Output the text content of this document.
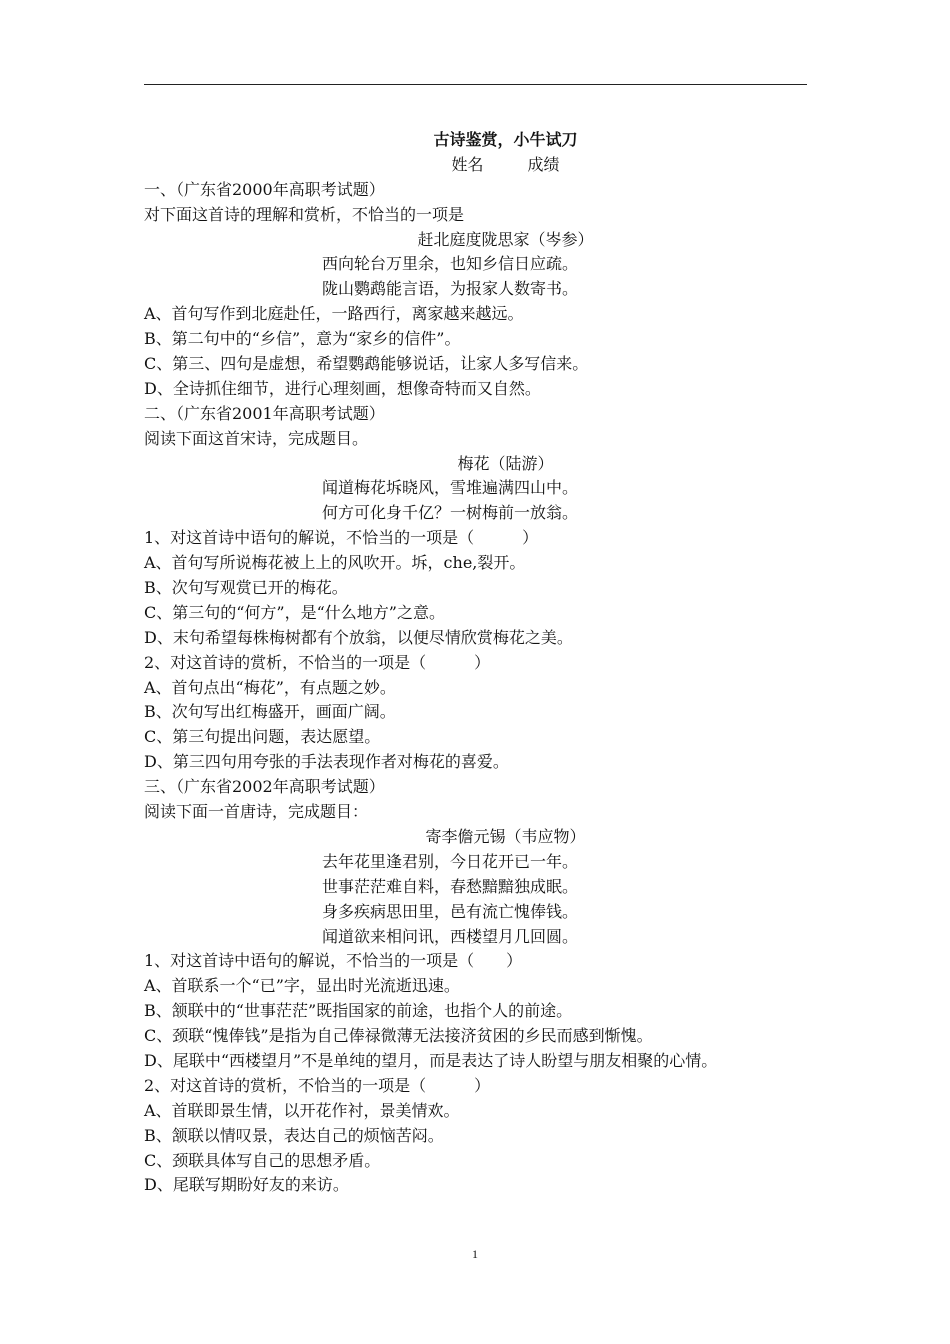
古诗鉴赏，小牛试刀
姓名	成绩
一、（广东省2000年高职考试题）
对下面这首诗的理解和赏析，不恰当的一项是
赶北庭度陇思家（岑参）
西向轮台万里余，也知乡信日应疏。
陇山鹦鹉能言语，为报家人数寄书。
A、首句写作到北庭赴任，一路西行，离家越来越远。
B、第二句中的“乡信”，意为“家乡的信件”。
C、第三、四句是虚想，希望鹦鹉能够说话，让家人多写信来。
D、全诗抓住细节，进行心理刻画，想像奇特而又自然。
二、（广东省2001年高职考试题）
阅读下面这首宋诗，完成题目。
梅花（陆游）
闻道梅花坼晓风，雪堆遍满四山中。
何方可化身千亿？一树梅前一放翁。
1、对这首诗中语句的解说，不恰当的一项是（　　　）
A、首句写所说梅花被上上的风吹开。坼，che,裂开。
B、次句写观赏已开的梅花。
C、第三句的“何方”，是“什么地方”之意。
D、末句希望每株梅树都有个放翁，以便尽情欣赏梅花之美。
2、对这首诗的赏析，不恰当的一项是（　　　）
A、首句点出“梅花”，有点题之妙。
B、次句写出红梅盛开，画面广阔。
C、第三句提出问题，表达愿望。
D、第三四句用夸张的手法表现作者对梅花的喜爱。
三、（广东省2002年高职考试题）
阅读下面一首唐诗，完成题目：
寄李儋元锡（韦应物）
去年花里逢君别，今日花开已一年。
世事茫茫难自料，春愁黯黯独成眠。
身多疾病思田里，邑有流亡愧俸钱。
闻道欲来相问讯，西楼望月几回圆。
1、对这首诗中语句的解说，不恰当的一项是（　　）
A、首联系一个“已”字，显出时光流逝迅速。
B、颔联中的“世事茫茫”既指国家的前途，也指个人的前途。
C、颈联“愧俸钱”是指为自己俸禄微薄无法接济贫困的乡民而感到惭愧。
D、尾联中“西楼望月”不是单纯的望月，而是表达了诗人盼望与朋友相聚的心情。
2、对这首诗的赏析，不恰当的一项是（　　　）
A、首联即景生情，以开花作衬，景美情欢。
B、颔联以情叹景，表达自己的烦恼苦闷。
C、颈联具体写自己的思想矛盾。
D、尾联写期盼好友的来访。
1
